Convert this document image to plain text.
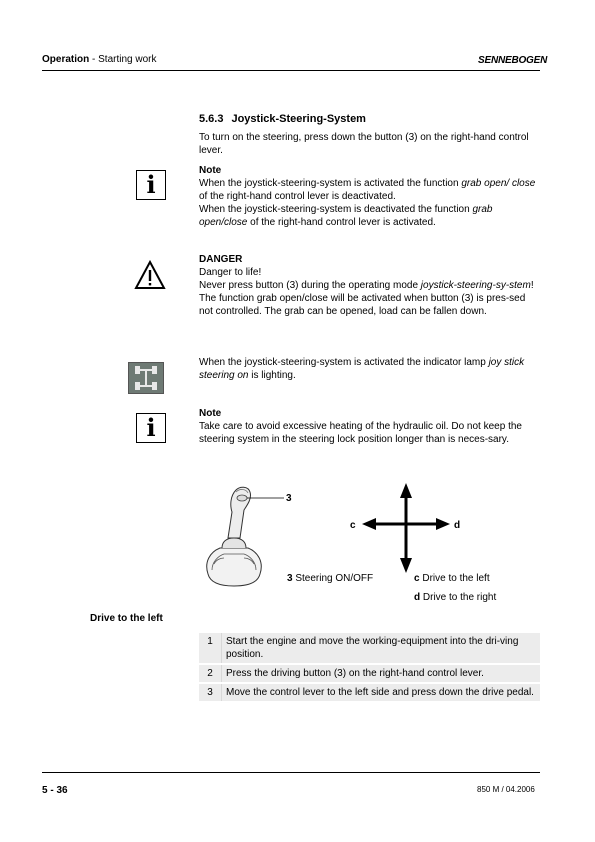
Operation - Starting work	SENNEBOGEN
5.6.3 Joystick-Steering-System
To turn on the steering, press down the button (3) on the right-hand control lever.
i	Note
When the joystick-steering-system is activated the function grab open/ close of the right-hand control lever is deactivated.
When the joystick-steering-system is deactivated the function grab open/close of the right-hand control lever is activated.
DANGER
Danger to life!
Never press button (3) during the operating mode joystick-steering-sy-stem!
The function grab open/close will be activated when button (3) is pres-sed not controlled. The grab can be opened, load can be fallen down.
When the joystick-steering-system is activated the indicator lamp joy stick steering on is lighting.
i	Note
Take care to avoid excessive heating of the hydraulic oil. Do not keep the steering system in the steering lock position longer than is neces-sary.
3
c	d
3 Steering ON/OFF	c Drive to the left
d Drive to the right
Drive to the left
1	Start the engine and move the working-equipment into the dri-ving position.
2	Press the driving button (3) on the right-hand control lever.
3	Move the control lever to the left side and press down the drive pedal.
5 - 36	850 M / 04.2006
